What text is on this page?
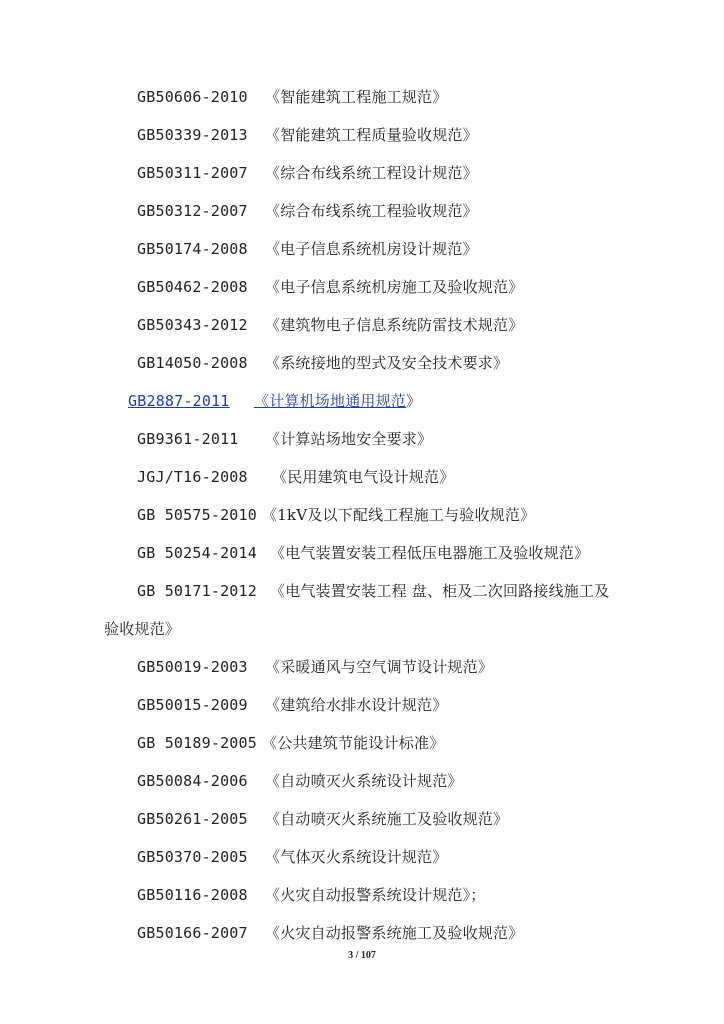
GB50606-2010 《智能建筑工程施工规范》
GB50339-2013 《智能建筑工程质量验收规范》
GB50311-2007 《综合布线系统工程设计规范》
GB50312-2007 《综合布线系统工程验收规范》
GB50174-2008 《电子信息系统机房设计规范》
GB50462-2008 《电子信息系统机房施工及验收规范》
GB50343-2012 《建筑物电子信息系统防雷技术规范》
GB14050-2008 《系统接地的型式及安全技术要求》
GB2887-2011 《计算机场地通用规范》
GB9361-2011 《计算站场地安全要求》
JGJ/T16-2008 《民用建筑电气设计规范》
GB 50575-2010 《1kV及以下配线工程施工与验收规范》
GB 50254-2014 《电气装置安装工程低压电器施工及验收规范》
GB 50171-2012 《电气装置安装工程 盘、柜及二次回路接线施工及
验收规范》
GB50019-2003 《采暖通风与空气调节设计规范》
GB50015-2009 《建筑给水排水设计规范》
GB 50189-2005 《公共建筑节能设计标准》
GB50084-2006 《自动喷灭火系统设计规范》
GB50261-2005 《自动喷灭火系统施工及验收规范》
GB50370-2005 《气体灭火系统设计规范》
GB50116-2008 《火灾自动报警系统设计规范》；
GB50166-2007 《火灾自动报警系统施工及验收规范》
3 / 107
